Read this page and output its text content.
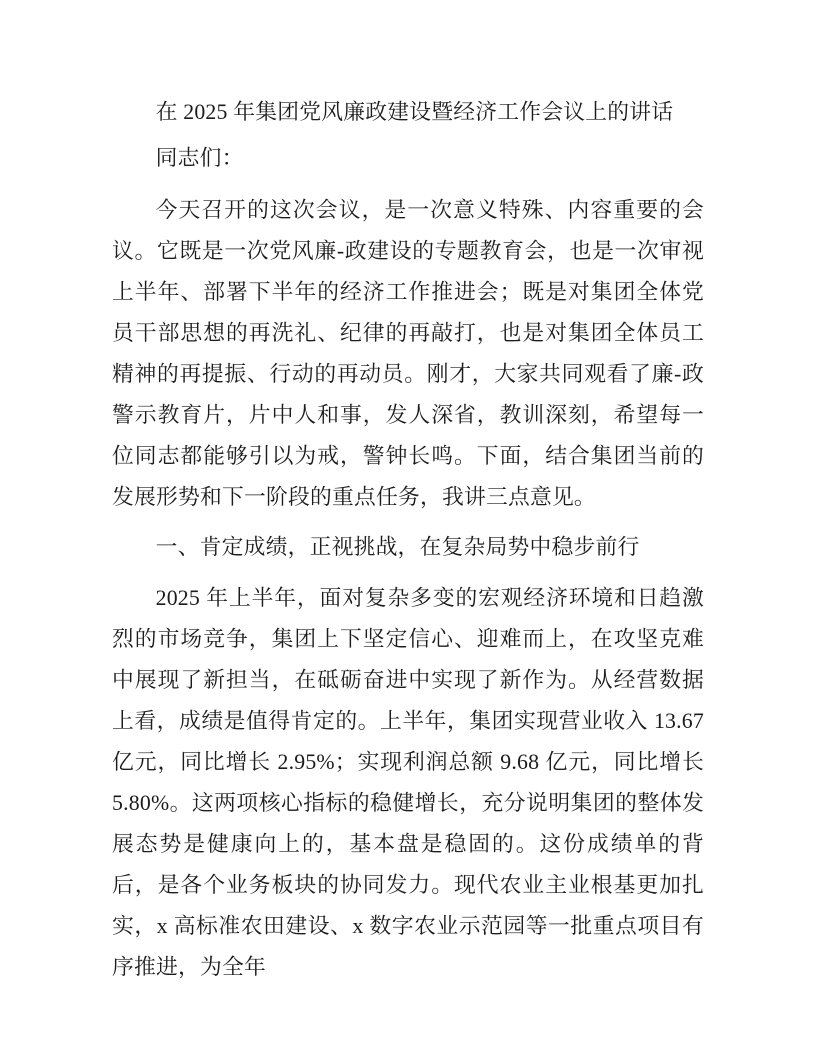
在 2025 年集团党风廉政建设暨经济工作会议上的讲话

同志们：

今天召开的这次会议，是一次意义特殊、内容重要的会议。它既是一次党风廉-政建设的专题教育会，也是一次审视上半年、部署下半年的经济工作推进会；既是对集团全体党员干部思想的再洗礼、纪律的再敲打，也是对集团全体员工精神的再提振、行动的再动员。刚才，大家共同观看了廉-政警示教育片，片中人和事，发人深省，教训深刻，希望每一位同志都能够引以为戒，警钟长鸣。下面，结合集团当前的发展形势和下一阶段的重点任务，我讲三点意见。

一、肯定成绩，正视挑战，在复杂局势中稳步前行

2025 年上半年，面对复杂多变的宏观经济环境和日趋激烈的市场竞争，集团上下坚定信心、迎难而上，在攻坚克难中展现了新担当，在砥砺奋进中实现了新作为。从经营数据上看，成绩是值得肯定的。上半年，集团实现营业收入 13.67 亿元，同比增长 2.95%；实现利润总额 9.68 亿元，同比增长 5.80%。这两项核心指标的稳健增长，充分说明集团的整体发展态势是健康向上的，基本盘是稳固的。这份成绩单的背后，是各个业务板块的协同发力。现代农业主业根基更加扎实，x 高标准农田建设、x 数字农业示范园等一批重点项目有序推进，为全年
